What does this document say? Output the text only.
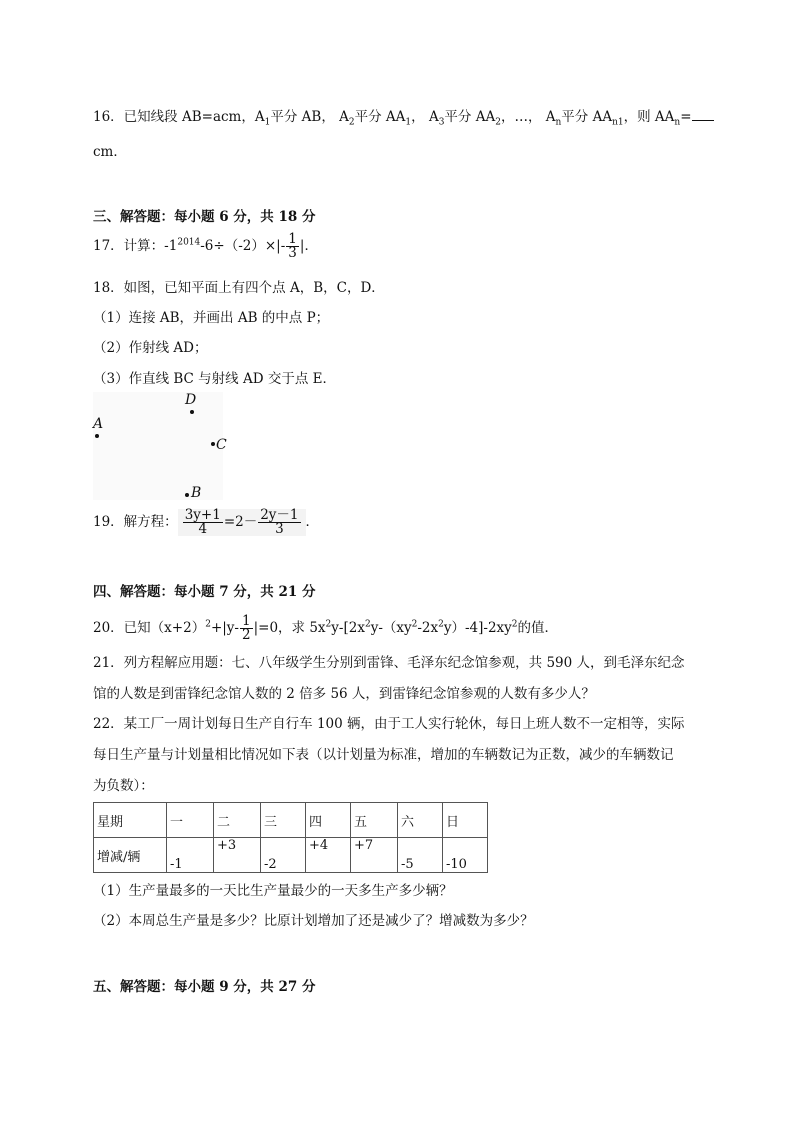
16．已知线段 AB=acm，$A_1$平分 AB， $A_2$平分 $AA_1$， $A_3$平分 $AA_2$，…， $A_n$平分 $AA_{n1}$，则 $AA_n=$
cm．
三、解答题：每小题 6 分，共 18 分
17．计算：$-1^{2014}-6\div(-2)\times|- \frac{1}{3}$ |．
18．如图，已知平面上有四个点 A，B，C，D．
（1）连接 AB，并画出 AB 的中点 P；
（2）作射线 AD；
（3）作直线 BC 与射线 AD 交于点 E．
A
D
C
B
19．解方程： $\frac{3y+1}{4} =2- \frac{2y-1}{3}$ ．
四、解答题：每小题 7 分，共 21 分
20．已知$(x+2)^2+|y- \frac{1}{2} |=0$，求 $5x^2y-[2x^2y-(xy^2-2x^2y)-4]-2xy^2$的值．
21．列方程解应用题：七、八年级学生分别到雷锋、毛泽东纪念馆参观，共 590 人，到毛泽东纪念
馆的人数是到雷锋纪念馆人数的 2 倍多 56 人，到雷锋纪念馆参观的人数有多少人？
22．某工厂一周计划每日生产自行车 100 辆，由于工人实行轮休，每日上班人数不一定相等，实际
每日生产量与计划量相比情况如下表（以计划量为标准，增加的车辆数记为正数，减少的车辆数记
为负数）：
星期	一	二	三	四	五	六	日
增减/辆	-1	+3	-2	+4	+7	-5	-10
（1）生产量最多的一天比生产量最少的一天多生产多少辆？
（2）本周总生产量是多少？比原计划增加了还是减少了？增减数为多少？
五、解答题：每小题 9 分，共 27 分
